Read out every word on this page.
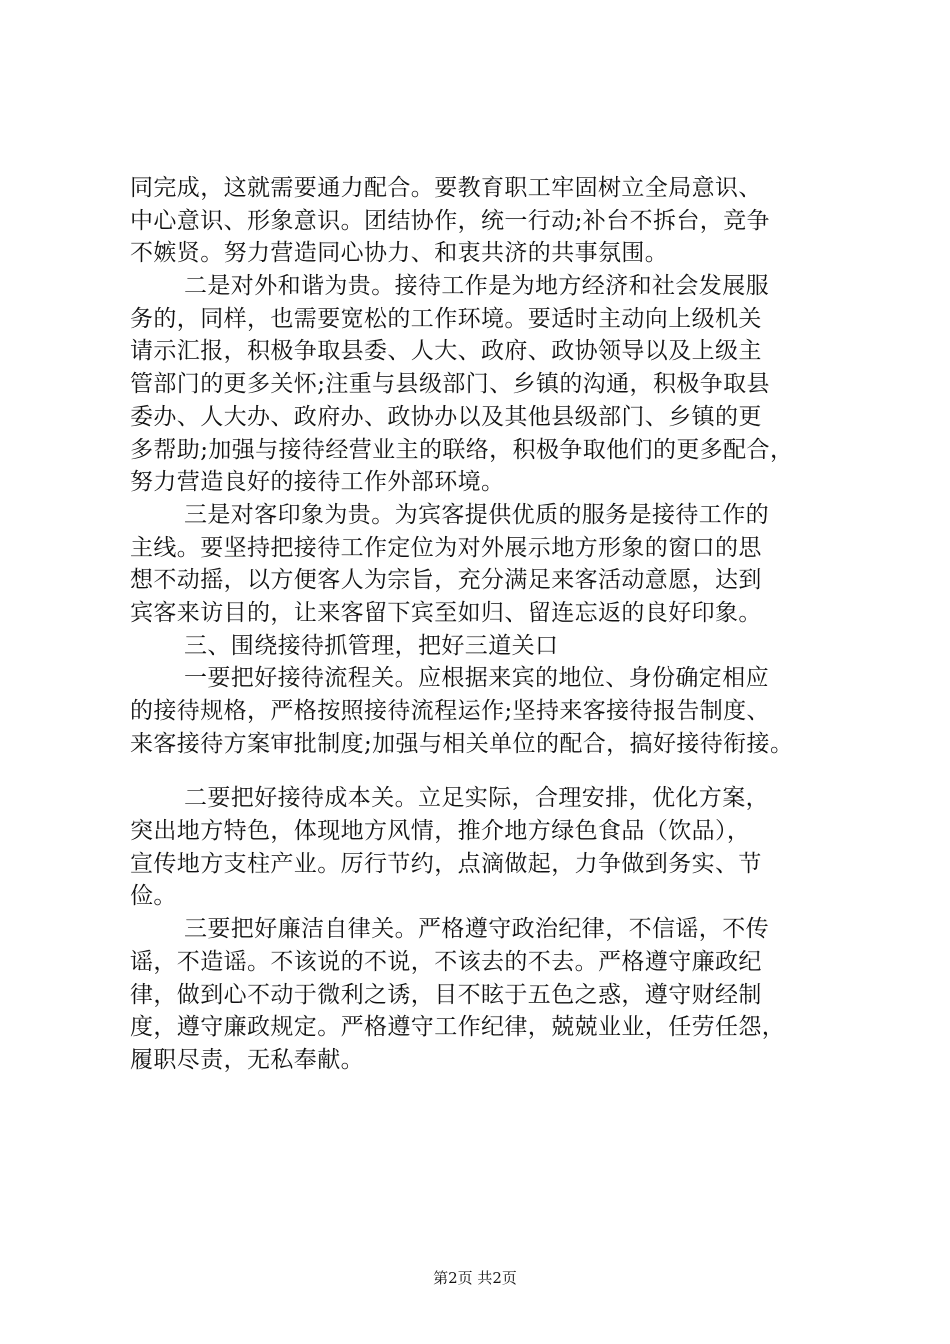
同完成，这就需要通力配合。要教育职工牢固树立全局意识、
中心意识、形象意识。团结协作，统一行动;补台不拆台，竞争
不嫉贤。努力营造同心协力、和衷共济的共事氛围。
二是对外和谐为贵。接待工作是为地方经济和社会发展服
务的，同样，也需要宽松的工作环境。要适时主动向上级机关
请示汇报，积极争取县委、人大、政府、政协领导以及上级主
管部门的更多关怀;注重与县级部门、乡镇的沟通，积极争取县
委办、人大办、政府办、政协办以及其他县级部门、乡镇的更
多帮助;加强与接待经营业主的联络，积极争取他们的更多配合，
努力营造良好的接待工作外部环境。
三是对客印象为贵。为宾客提供优质的服务是接待工作的
主线。要坚持把接待工作定位为对外展示地方形象的窗口的思
想不动摇，以方便客人为宗旨，充分满足来客活动意愿，达到
宾客来访目的，让来客留下宾至如归、留连忘返的良好印象。
三、围绕接待抓管理，把好三道关口
一要把好接待流程关。应根据来宾的地位、身份确定相应
的接待规格，严格按照接待流程运作;坚持来客接待报告制度、
来客接待方案审批制度;加强与相关单位的配合，搞好接待衔接。
二要把好接待成本关。立足实际，合理安排，优化方案，
突出地方特色，体现地方风情，推介地方绿色食品（饮品），
宣传地方支柱产业。厉行节约，点滴做起，力争做到务实、节
俭。
三要把好廉洁自律关。严格遵守政治纪律，不信谣，不传
谣，不造谣。不该说的不说，不该去的不去。严格遵守廉政纪
律，做到心不动于微利之诱，目不眩于五色之惑，遵守财经制
度，遵守廉政规定。严格遵守工作纪律，兢兢业业，任劳任怨，
履职尽责，无私奉献。
第2页 共2页
